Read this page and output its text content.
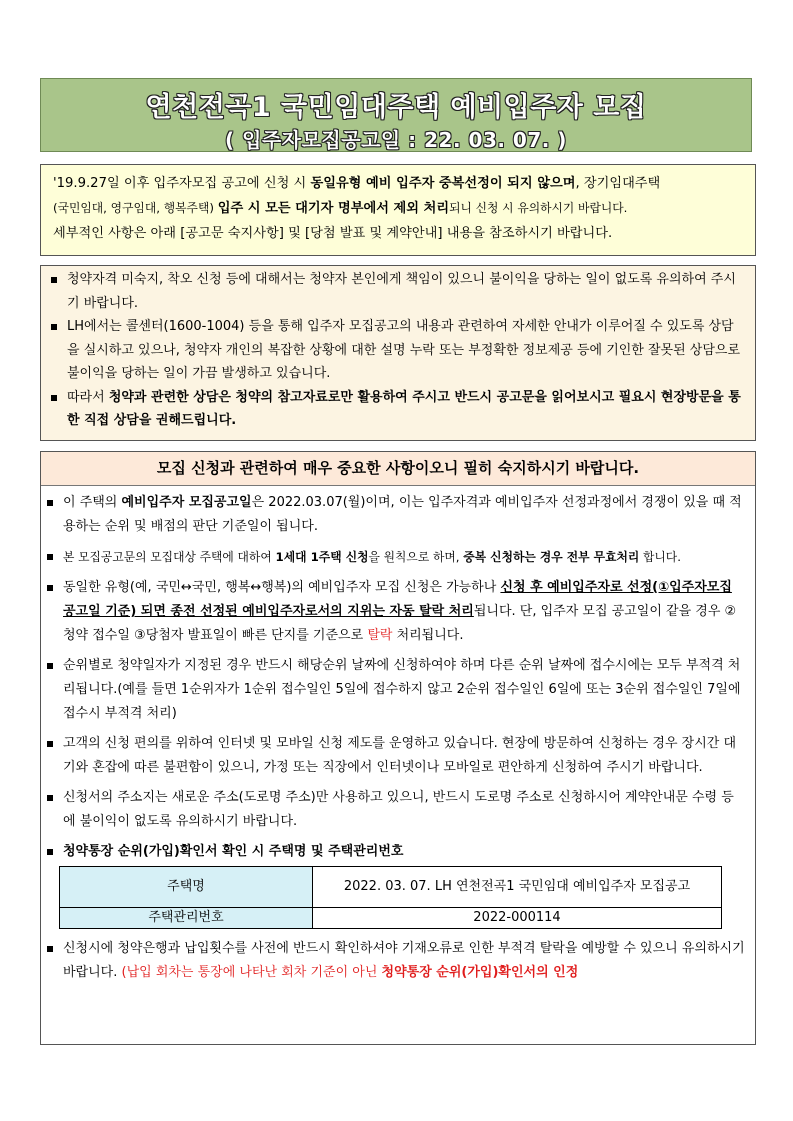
연천전곡1 국민임대주택 예비입주자 모집
( 입주자모집공고일 : 22. 03. 07. )

'19.9.27일 이후 입주자모집 공고에 신청 시 동일유형 예비 입주자 중복선정이 되지 않으며, 장기임대주택

(국민임대, 영구임대, 행복주택) 입주 시 모든 대기자 명부에서 제외 처리되니 신청 시 유의하시기 바랍니다.

세부적인 사항은 아래 [공고문 숙지사항] 및 [당첨 발표 및 계약안내] 내용을 참조하시기 바랍니다.

청약자격 미숙지, 착오 신청 등에 대해서는 청약자 본인에게 책임이 있으니 불이익을 당하는 일이 없도록 유의하여 주시기 바랍니다.

LH에서는 콜센터(1600-1004) 등을 통해 입주자 모집공고의 내용과 관련하여 자세한 안내가 이루어질 수 있도록 상담을 실시하고 있으나, 청약자 개인의 복잡한 상황에 대한 설명 누락 또는 부정확한 정보제공 등에 기인한 잘못된 상담으로 불이익을 당하는 일이 가끔 발생하고 있습니다.

따라서 청약과 관련한 상담은 청약의 참고자료로만 활용하여 주시고 반드시 공고문을 읽어보시고 필요시 현장방문을 통한 직접 상담을 권해드립니다.

모집 신청과 관련하여 매우 중요한 사항이오니 필히 숙지하시기 바랍니다.

이 주택의 예비입주자 모집공고일은 2022.03.07(월)이며, 이는 입주자격과 예비입주자 선정과정에서 경쟁이 있을 때 적용하는 순위 및 배점의 판단 기준일이 됩니다.

본 모집공고문의 모집대상 주택에 대하여 1세대 1주택 신청을 원칙으로 하며, 중복 신청하는 경우 전부 무효처리 합니다.

동일한 유형(예, 국민↔국민, 행복↔행복)의 예비입주자 모집 신청은 가능하나 신청 후 예비입주자로 선정(①입주자모집 공고일 기준) 되면 종전 선정된 예비입주자로서의 지위는 자동 탈락 처리됩니다. 단, 입주자 모집 공고일이 같을 경우 ②청약 접수일 ③당첨자 발표일이 빠른 단지를 기준으로 탈락 처리됩니다.

순위별로 청약일자가 지정된 경우 반드시 해당순위 날짜에 신청하여야 하며 다른 순위 날짜에 접수시에는 모두 부적격 처리됩니다.(예를 들면 1순위자가 1순위 접수일인 5일에 접수하지 않고 2순위 접수일인 6일에 또는 3순위 접수일인 7일에 접수시 부적격 처리)

고객의 신청 편의를 위하여 인터넷 및 모바일 신청 제도를 운영하고 있습니다. 현장에 방문하여 신청하는 경우 장시간 대기와 혼잡에 따른 불편함이 있으니, 가정 또는 직장에서 인터넷이나 모바일로 편안하게 신청하여 주시기 바랍니다.

신청서의 주소지는 새로운 주소(도로명 주소)만 사용하고 있으니, 반드시 도로명 주소로 신청하시어 계약안내문 수령 등에 불이익이 없도록 유의하시기 바랍니다.

청약통장 순위(가입)확인서 확인 시 주택명 및 주택관리번호

주택명	2022. 03. 07. LH 연천전곡1 국민임대 예비입주자 모집공고
주택관리번호	2022-000114

신청시에 청약은행과 납입횟수를 사전에 반드시 확인하셔야 기재오류로 인한 부적격 탈락을 예방할 수 있으니 유의하시기 바랍니다. (납입 회차는 통장에 나타난 회차 기준이 아닌 청약통장 순위(가입)확인서의 인정
